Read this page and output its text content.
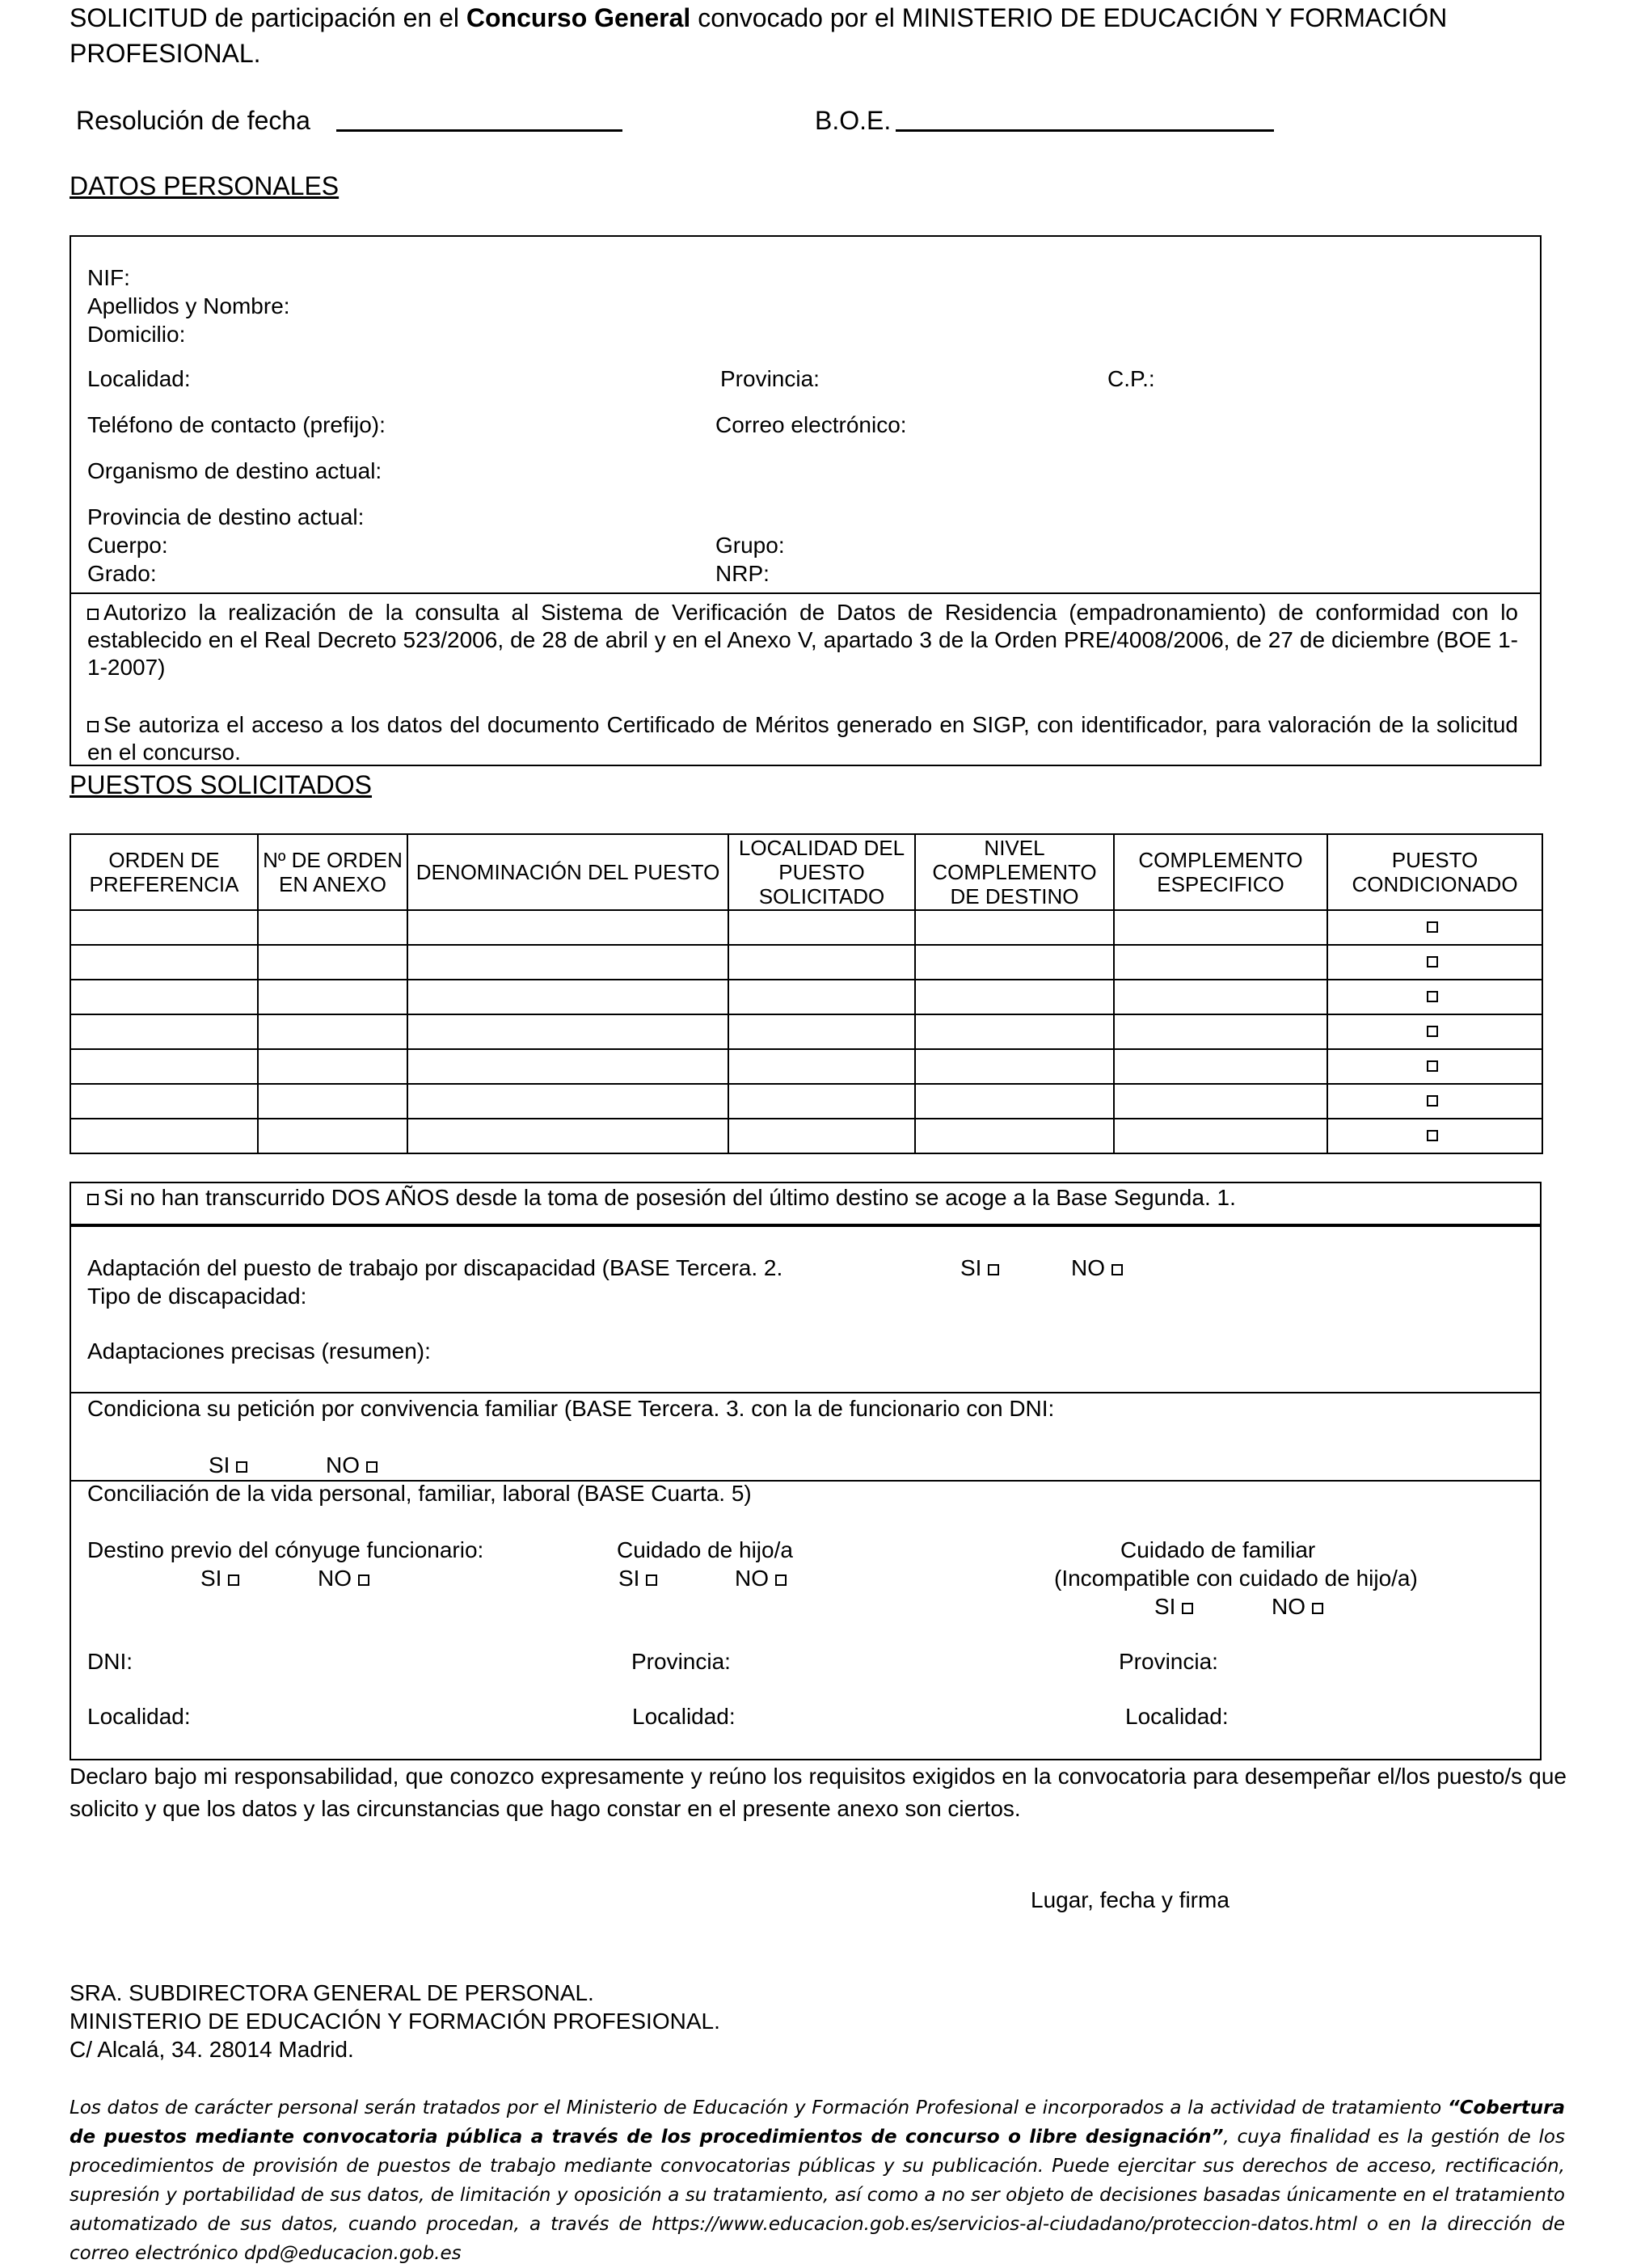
SOLICITUD de participación en el Concurso General convocado por el MINISTERIO DE EDUCACIÓN Y FORMACIÓN
PROFESIONAL.
Resolución de fecha	B.O.E.
DATOS PERSONALES
NIF:
Apellidos y Nombre:
Domicilio:
Localidad:	Provincia:	C.P.:
Teléfono de contacto (prefijo):	Correo electrónico:
Organismo de destino actual:
Provincia de destino actual:
Cuerpo:	Grupo:
Grado:	NRP:
Autorizo la realización de la consulta al Sistema de Verificación de Datos de Residencia (empadronamiento) de conformidad con lo establecido en el Real Decreto 523/2006, de 28 de abril y en el Anexo V, apartado 3 de la Orden PRE/4008/2006, de 27 de diciembre (BOE 1-1-2007)
Se autoriza el acceso a los datos del documento Certificado de Méritos generado en SIGP, con identificador, para valoración de la solicitud en el concurso.
PUESTOS SOLICITADOS
ORDEN DE PREFERENCIA	Nº DE ORDEN EN ANEXO	DENOMINACIÓN DEL PUESTO	LOCALIDAD DEL PUESTO SOLICITADO	NIVEL COMPLEMENTO DE DESTINO	COMPLEMENTO ESPECIFICO	PUESTO CONDICIONADO

Si no han transcurrido DOS AÑOS desde la toma de posesión del último destino se acoge a la Base Segunda. 1.
Adaptación del puesto de trabajo por discapacidad (BASE Tercera. 2.	SI	NO
Tipo de discapacidad:
Adaptaciones precisas (resumen):
Condiciona su petición por convivencia familiar (BASE Tercera. 3. con la de funcionario con DNI:
SI	NO
Conciliación de la vida personal, familiar, laboral (BASE Cuarta. 5)
Destino previo del cónyuge funcionario:	Cuidado de hijo/a	Cuidado de familiar
SI	NO	SI	NO	(Incompatible con cuidado de hijo/a)
SI	NO
DNI:	Provincia:	Provincia:
Localidad:	Localidad:	Localidad:
Declaro bajo mi responsabilidad, que conozco expresamente y reúno los requisitos exigidos en la convocatoria para desempeñar el/los puesto/s que solicito y que los datos y las circunstancias que hago constar en el presente anexo son ciertos.
Lugar, fecha y firma
SRA. SUBDIRECTORA GENERAL DE PERSONAL.
MINISTERIO DE EDUCACIÓN Y FORMACIÓN PROFESIONAL.
C/ Alcalá, 34. 28014 Madrid.
Los datos de carácter personal serán tratados por el Ministerio de Educación y Formación Profesional e incorporados a la actividad de tratamiento “Cobertura de puestos mediante convocatoria pública a través de los procedimientos de concurso o libre designación”, cuya finalidad es la gestión de los procedimientos de provisión de puestos de trabajo mediante convocatorias públicas y su publicación. Puede ejercitar sus derechos de acceso, rectificación, supresión y portabilidad de sus datos, de limitación y oposición a su tratamiento, así como a no ser objeto de decisiones basadas únicamente en el tratamiento automatizado de sus datos, cuando procedan, a través de https://www.educacion.gob.es/servicios-al-ciudadano/proteccion-datos.html o en la dirección de correo electrónico dpd@educacion.gob.es
